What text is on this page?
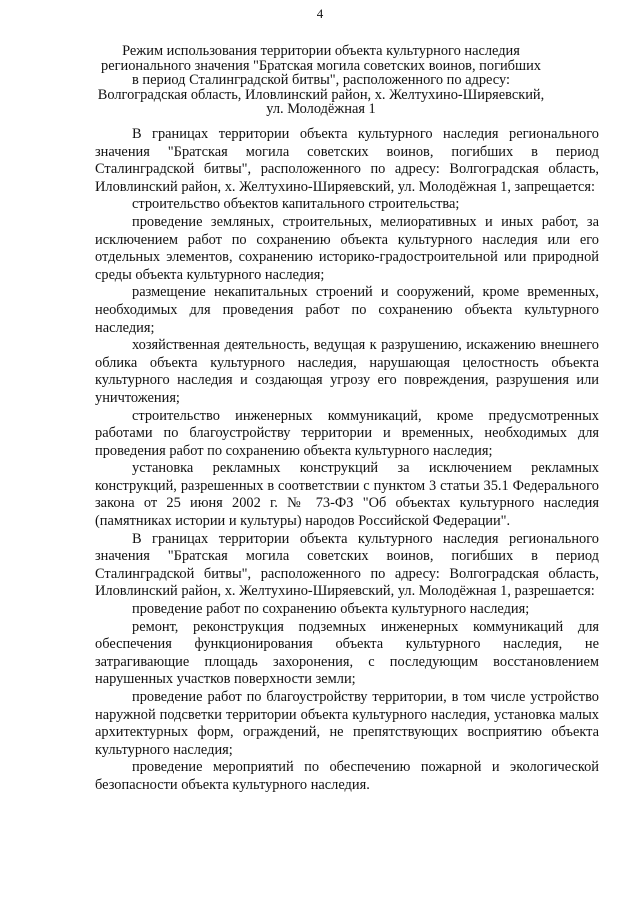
4
Режим использования территории объекта культурного наследия регионального значения "Братская могила советских воинов, погибших в период Сталинградской битвы", расположенного по адресу: Волгоградская область, Иловлинский район, х. Желтухино-Ширяевский, ул. Молодёжная 1

В границах территории объекта культурного наследия регионального значения "Братская могила советских воинов, погибших в период Сталинградской битвы", расположенного по адресу: Волгоградская область, Иловлинский район, х. Желтухино-Ширяевский, ул. Молодёжная 1, запрещается:

строительство объектов капитального строительства;

проведение земляных, строительных, мелиоративных и иных работ, за исключением работ по сохранению объекта культурного наследия или его отдельных элементов, сохранению историко-градостроительной или природной среды объекта культурного наследия;

размещение некапитальных строений и сооружений, кроме временных, необходимых для проведения работ по сохранению объекта культурного наследия;

хозяйственная деятельность, ведущая к разрушению, искажению внешнего облика объекта культурного наследия, нарушающая целостность объекта культурного наследия и создающая угрозу его повреждения, разрушения или уничтожения;

строительство инженерных коммуникаций, кроме предусмотренных работами по благоустройству территории и временных, необходимых для проведения работ по сохранению объекта культурного наследия;

установка рекламных конструкций за исключением рекламных конструкций, разрешенных в соответствии с пунктом 3 статьи 35.1 Федерального закона от 25 июня 2002 г. № 73-ФЗ "Об объектах культурного наследия (памятниках истории и культуры) народов Российской Федерации".

В границах территории объекта культурного наследия регионального значения "Братская могила советских воинов, погибших в период Сталинградской битвы", расположенного по адресу: Волгоградская область, Иловлинский район, х. Желтухино-Ширяевский, ул. Молодёжная 1, разрешается:

проведение работ по сохранению объекта культурного наследия;

ремонт, реконструкция подземных инженерных коммуникаций для обеспечения функционирования объекта культурного наследия, не затрагивающие площадь захоронения, с последующим восстановлением нарушенных участков поверхности земли;

проведение работ по благоустройству территории, в том числе устройство наружной подсветки территории объекта культурного наследия, установка малых архитектурных форм, ограждений, не препятствующих восприятию объекта культурного наследия;

проведение мероприятий по обеспечению пожарной и экологической безопасности объекта культурного наследия.
